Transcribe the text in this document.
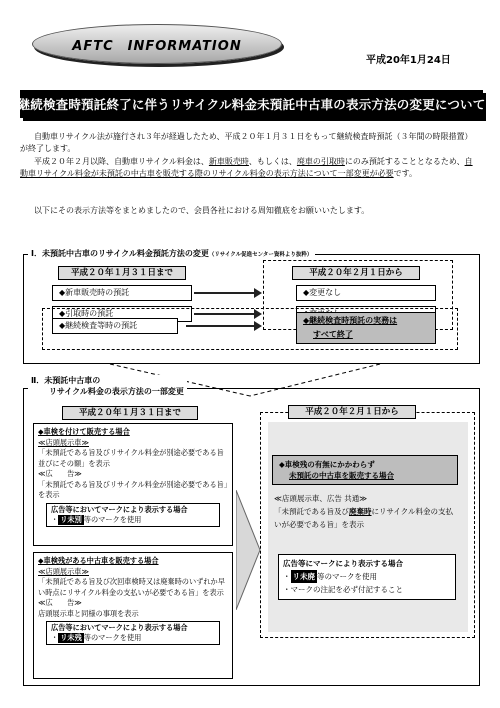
AFTC　INFORMATION
平成20年1月24日
継続検査時預託終了に伴うリサイクル料金未預託中古車の表示方法の変更について
自動車リサイクル法が施行され３年が経過したため、平成２０年１月３１日をもって継続検査時預託（３年間の時限措置）が終了します。
平成２０年２月以降、自動車リサイクル料金は、新車販売時、もしくは、廃車の引取時にのみ預託することとなるため、自動車リサイクル料金が未預託の中古車を販売する際のリサイクル料金の表示方法について一部変更が必要です。
以下にその表示方法等をまとめましたので、会員各社における周知徹底をお願いいたします。
Ⅰ．未預託中古車のリサイクル料金預託方法の変更（リサイクル促進センター資料より抜粋）
平成２０年１月３１日まで	平成２０年２月１日から
◆新車販売時の預託	◆変更なし
◆引取時の預託
◆継続検査等時の預託
◆継続検査時預託の実務は
すべて終了
Ⅱ．未預託中古車の
リサイクル料金の表示方法の一部変更
平成２０年１月３１日まで	平成２０年２月１日から
◆車検を付けて販売する場合
≪店頭展示車≫
「未預託である旨及びリサイクル料金が別途必要である旨並びにその額」を表示
≪広　　告≫
「未預託である旨及びリサイクル料金が別途必要である旨」を表示
広告等においてマークにより表示する場合
・ リ未別 等のマークを使用
◆車検残がある中古車を販売する場合
≪店頭展示車≫
「未預託である旨及び次回車検時又は廃棄時のいずれか早い時点にリサイクル料金の支払いが必要である旨」を表示
≪広　　告≫
店頭展示車と同様の事項を表示
広告等においてマークにより表示する場合
・ リ未残 等のマークを使用
◆車検残の有無にかかわらず
未預託の中古車を販売する場合
≪店頭展示車、広告 共通≫
「未預託である旨及び廃棄時にリサイクル料金の支払いが必要である旨」を表示
広告等にマークにより表示する場合
・ リ未廃 等のマークを使用
・マークの注記を必ず付記すること
